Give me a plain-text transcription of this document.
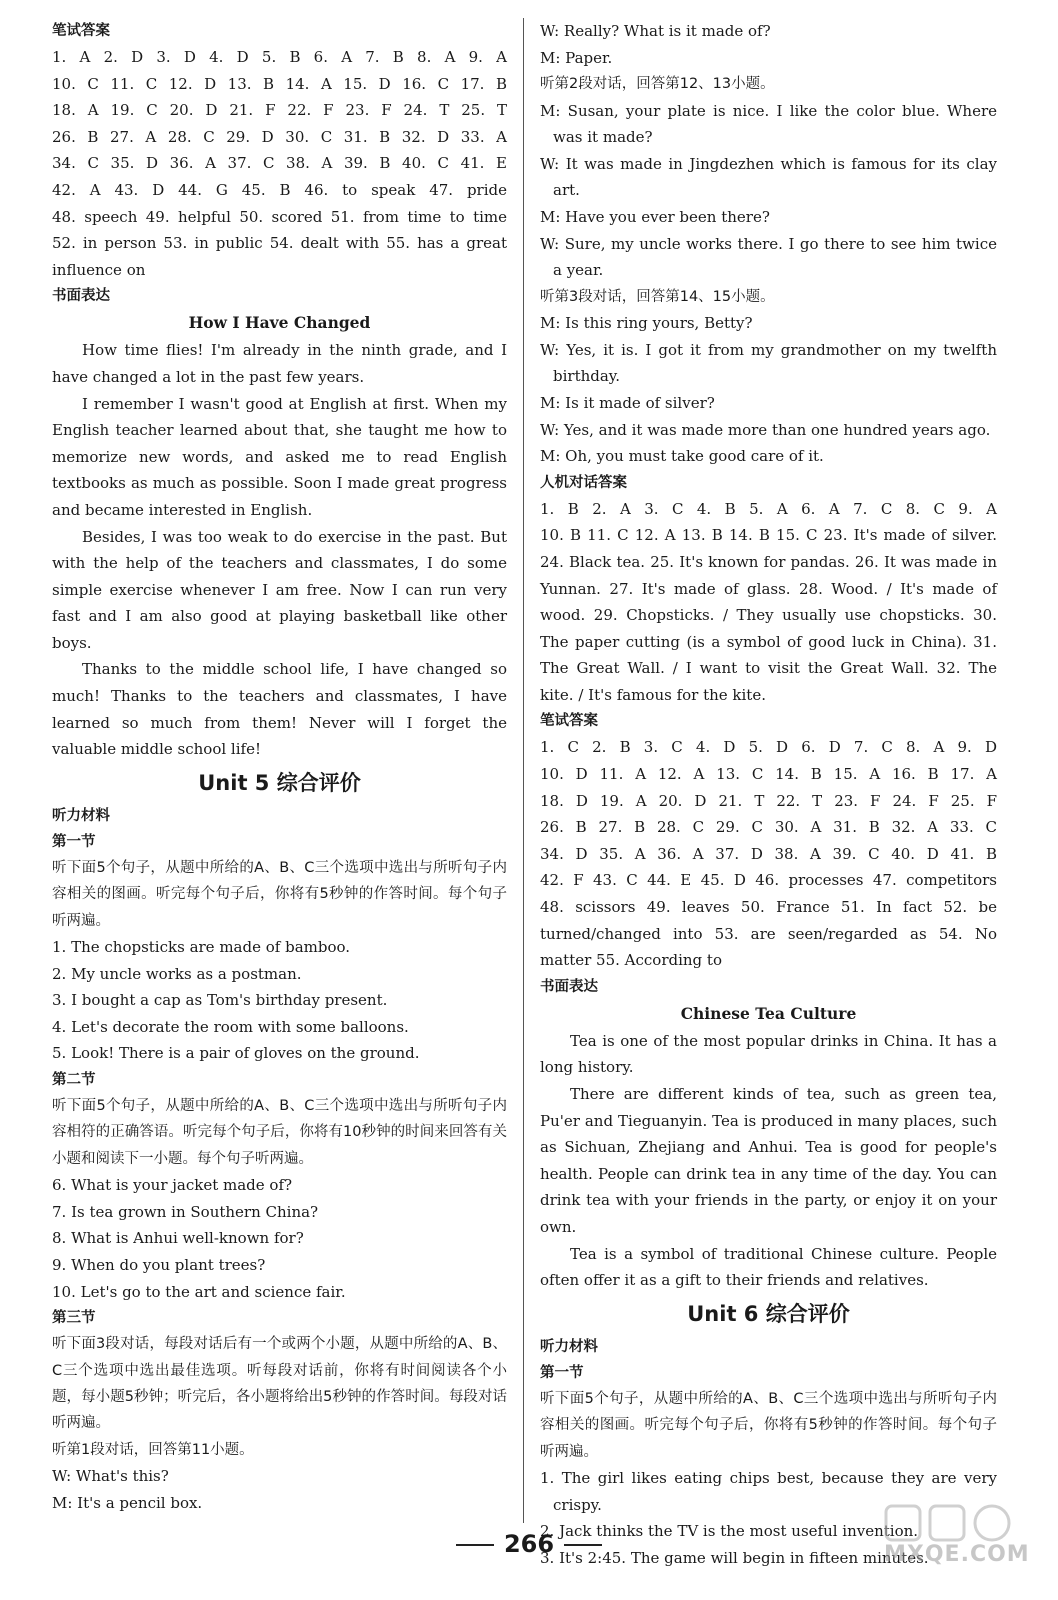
笔试答案
1. A 2. D 3. D 4. D 5. B 6. A 7. B 8. A 9. A
10. C 11. C 12. D 13. B 14. A 15. D 16. C 17. B
18. A 19. C 20. D 21. F 22. F 23. F 24. T 25. T
26. B 27. A 28. C 29. D 30. C 31. B 32. D 33. A
34. C 35. D 36. A 37. C 38. A 39. B 40. C 41. E
42. A 43. D 44. G 45. B 46. to speak 47. pride
48. speech 49. helpful 50. scored 51. from time to time
52. in person 53. in public 54. dealt with 55. has a great
influence on
书面表达
How I Have Changed
How time flies! I'm already in the ninth grade, and I have changed a lot in the past few years.
I remember I wasn't good at English at first. When my English teacher learned about that, she taught me how to memorize new words, and asked me to read English textbooks as much as possible. Soon I made great progress and became interested in English.
Besides, I was too weak to do exercise in the past. But with the help of the teachers and classmates, I do some simple exercise whenever I am free. Now I can run very fast and I am also good at playing basketball like other boys.
Thanks to the middle school life, I have changed so much! Thanks to the teachers and classmates, I have learned so much from them! Never will I forget the valuable middle school life!
Unit 5 综合评价
听力材料
第一节
听下面5个句子，从题中所给的A、B、C三个选项中选出与所听句子内容相关的图画。听完每个句子后，你将有5秒钟的作答时间。每个句子听两遍。
1. The chopsticks are made of bamboo.
2. My uncle works as a postman.
3. I bought a cap as Tom's birthday present.
4. Let's decorate the room with some balloons.
5. Look! There is a pair of gloves on the ground.
第二节
听下面5个句子，从题中所给的A、B、C三个选项中选出与所听句子内容相符的正确答语。听完每个句子后，你将有10秒钟的时间来回答有关小题和阅读下一小题。每个句子听两遍。
6. What is your jacket made of?
7. Is tea grown in Southern China?
8. What is Anhui well-known for?
9. When do you plant trees?
10. Let's go to the art and science fair.
第三节
听下面3段对话，每段对话后有一个或两个小题，从题中所给的A、B、C三个选项中选出最佳选项。听每段对话前，你将有时间阅读各个小题，每小题5秒钟；听完后，各小题将给出5秒钟的作答时间。每段对话听两遍。
听第1段对话，回答第11小题。
W: What's this?
M: It's a pencil box.
W: Really? What is it made of?
M: Paper.
听第2段对话，回答第12、13小题。
M: Susan, your plate is nice. I like the color blue. Where was it made?
W: It was made in Jingdezhen which is famous for its clay art.
M: Have you ever been there?
W: Sure, my uncle works there. I go there to see him twice a year.
听第3段对话，回答第14、15小题。
M: Is this ring yours, Betty?
W: Yes, it is. I got it from my grandmother on my twelfth birthday.
M: Is it made of silver?
W: Yes, and it was made more than one hundred years ago.
M: Oh, you must take good care of it.
人机对话答案
1. B 2. A 3. C 4. B 5. A 6. A 7. C 8. C 9. A
10. B 11. C 12. A 13. B 14. B 15. C 23. It's made of silver. 24. Black tea. 25. It's known for pandas. 26. It was made in Yunnan. 27. It's made of glass. 28. Wood. / It's made of wood. 29. Chopsticks. / They usually use chopsticks. 30. The paper cutting (is a symbol of good luck in China). 31. The Great Wall. / I want to visit the Great Wall. 32. The kite. / It's famous for the kite.
笔试答案
1. C 2. B 3. C 4. D 5. D 6. D 7. C 8. A 9. D
10. D 11. A 12. A 13. C 14. B 15. A 16. B 17. A
18. D 19. A 20. D 21. T 22. T 23. F 24. F 25. F
26. B 27. B 28. C 29. C 30. A 31. B 32. A 33. C
34. D 35. A 36. A 37. D 38. A 39. C 40. D 41. B
42. F 43. C 44. E 45. D 46. processes 47. competitors
48. scissors 49. leaves 50. France 51. In fact 52. be turned/changed into 53. are seen/regarded as 54. No matter 55. According to
书面表达
Chinese Tea Culture
Tea is one of the most popular drinks in China. It has a long history.
There are different kinds of tea, such as green tea, Pu'er and Tieguanyin. Tea is produced in many places, such as Sichuan, Zhejiang and Anhui. Tea is good for people's health. People can drink tea in any time of the day. You can drink tea with your friends in the party, or enjoy it on your own.
Tea is a symbol of traditional Chinese culture. People often offer it as a gift to their friends and relatives.
Unit 6 综合评价
听力材料
第一节
听下面5个句子，从题中所给的A、B、C三个选项中选出与所听句子内容相关的图画。听完每个句子后，你将有5秒钟的作答时间。每个句子听两遍。
1. The girl likes eating chips best, because they are very crispy.
2. Jack thinks the TV is the most useful invention.
3. It's 2:45. The game will begin in fifteen minutes.
266	MXQE.COM
